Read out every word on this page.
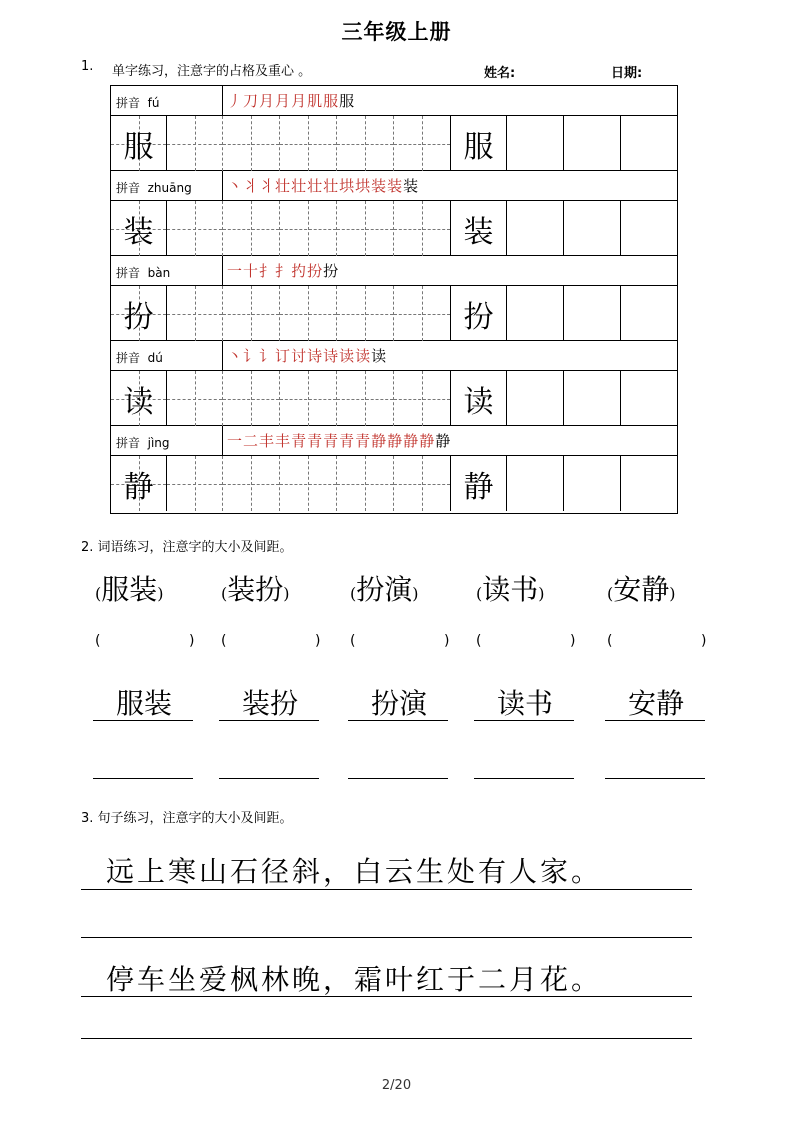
三年级上册
1. 单字练习，注意字的占格及重心 。	姓名:	日期:
拼音  fú	丿刀月月月肌服服
服	服
拼音  zhuāng 丶丬丬壮壮壮壮垬垬装装装
装	装
拼音  bàn	一十扌扌扚扮扮
扮	扮
拼音  dú	丶讠讠订讨诗诗读读读
读	读
拼音  jìng	一二丰丰青青青青青静静静静静
静	静
2. 词语练习，注意字的大小及间距。
(服装)
(	)
服装
(装扮)
(	)
装扮
(扮演)
(	)
扮演
(读书)
(	)
读书
(安静)
(	)
安静
3. 句子练习，注意字的大小及间距。
远上寒山石径斜，白云生处有人家。
停车坐爱枫林晚，霜叶红于二月花。
2/20
